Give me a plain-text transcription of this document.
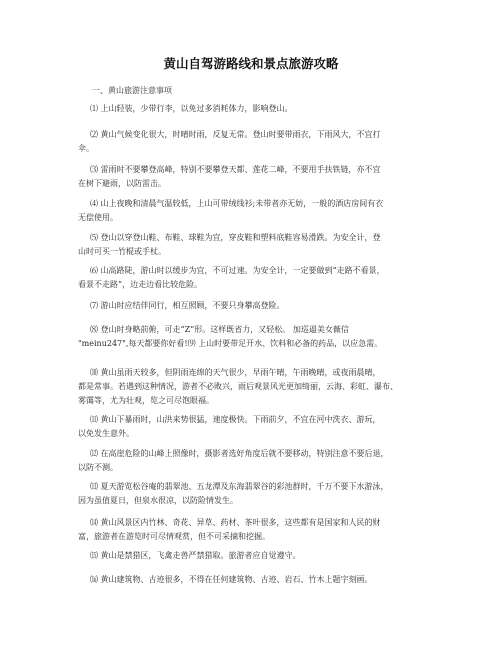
黄山自驾游路线和景点旅游攻略

一、黄山旅游注意事项

⑴ 上山轻装，少带行李，以免过多消耗体力，影响登山。

⑵ 黄山气候变化很大，时晴时雨，反复无常。登山时要带雨衣，下雨风大，不宜打
伞。

⑶ 雷雨时不要攀登高峰，特别不要攀登天都、莲花二峰，不要用手扶铁链，亦不宜
在树下避雨，以防雷击。

⑷ 山上夜晚和清晨气温较低，上山可带绒线衫;未带者亦无妨，一般的酒店房间有衣
无偿使用。

⑸ 登山以穿登山鞋、布鞋、球鞋为宜，穿皮鞋和塑料底鞋容易滑跌。为安全计，登
山时可买一竹棍或手杖。

⑹ 山高路陡，游山时以缓步为宜，不可过速。为安全计，一定要做到“走路不看景，
看景不走路”，边走边看比较危险。

⑺ 游山时应结伴同行，相互照顾，不要只身攀高登险。

⑻ 登山时身略前俯，可走“Z”形。这样既省力，又轻松。 加巡逼美女薇信
"meinu247",每天都要你好看!⑼ 上山时要带足开水、饮料和必备的药品，以应急需。

⑽ 黄山虽雨天较多，但阴雨连绵的天气很少，早雨午晴，午雨晚晴，或夜雨晨晴，
都是常事。若遇到这种情况，游者不必败兴，雨后观景风光更加绮丽，云海、彩虹、瀑布、
雾霭等，尤为壮观，览之可尽饱眼福。

⑾ 黄山下暴雨时，山洪来势很猛，速度极快。下雨前夕，不宜在河中洗衣、游玩，
以免发生意外。

⑿ 在高崖危险的山峰上照像时，摄影者选好角度后就不要移动，特别注意不要后退，
以防不测。

⒀ 夏天游览松谷庵的翡翠池、五龙潭及东海翡翠谷的彩池群时，千万不要下水游泳，
因为虽值夏日，但泉水很凉，以防险情发生。

⒁ 黄山风景区内竹林、奇花、异草、药材、茶叶很多，这些都有是国家和人民的财
富，旅游者在游览时可尽情观赏，但不可采摘和挖掘。

⒂ 黄山是禁猎区，飞禽走兽严禁猎取。旅游者应自觉遵守。

⒃ 黄山建筑物、古迹很多，不得在任何建筑物、古迹、岩石、竹木上题字刻画。
